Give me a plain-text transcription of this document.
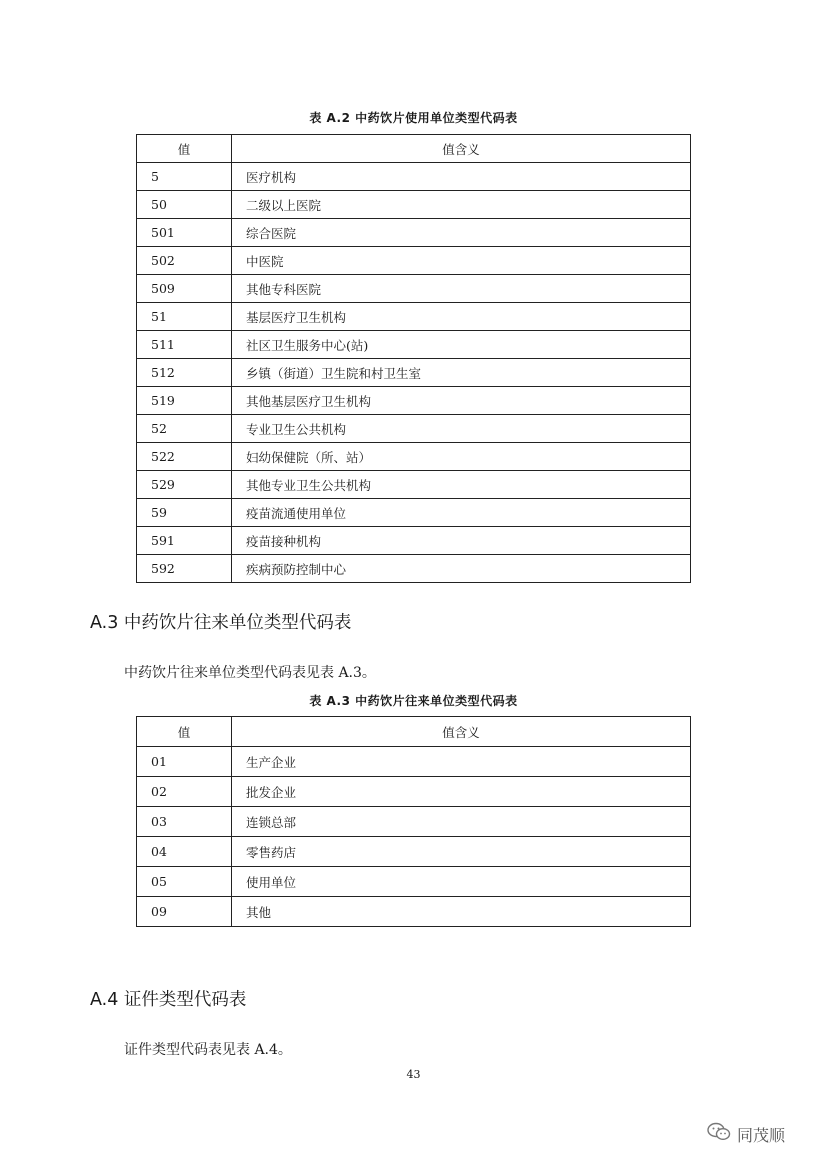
表 A.2 中药饮片使用单位类型代码表
值	值含义
5	医疗机构
50	二级以上医院
501	综合医院
502	中医院
509	其他专科医院
51	基层医疗卫生机构
511	社区卫生服务中心(站)
512	乡镇（街道）卫生院和村卫生室
519	其他基层医疗卫生机构
52	专业卫生公共机构
522	妇幼保健院（所、站）
529	其他专业卫生公共机构
59	疫苗流通使用单位
591	疫苗接种机构
592	疾病预防控制中心
A.3 中药饮片往来单位类型代码表
中药饮片往来单位类型代码表见表 A.3。
表 A.3 中药饮片往来单位类型代码表
值	值含义
01	生产企业
02	批发企业
03	连锁总部
04	零售药店
05	使用单位
09	其他
A.4 证件类型代码表
证件类型代码表见表 A.4。
43
同茂顺
